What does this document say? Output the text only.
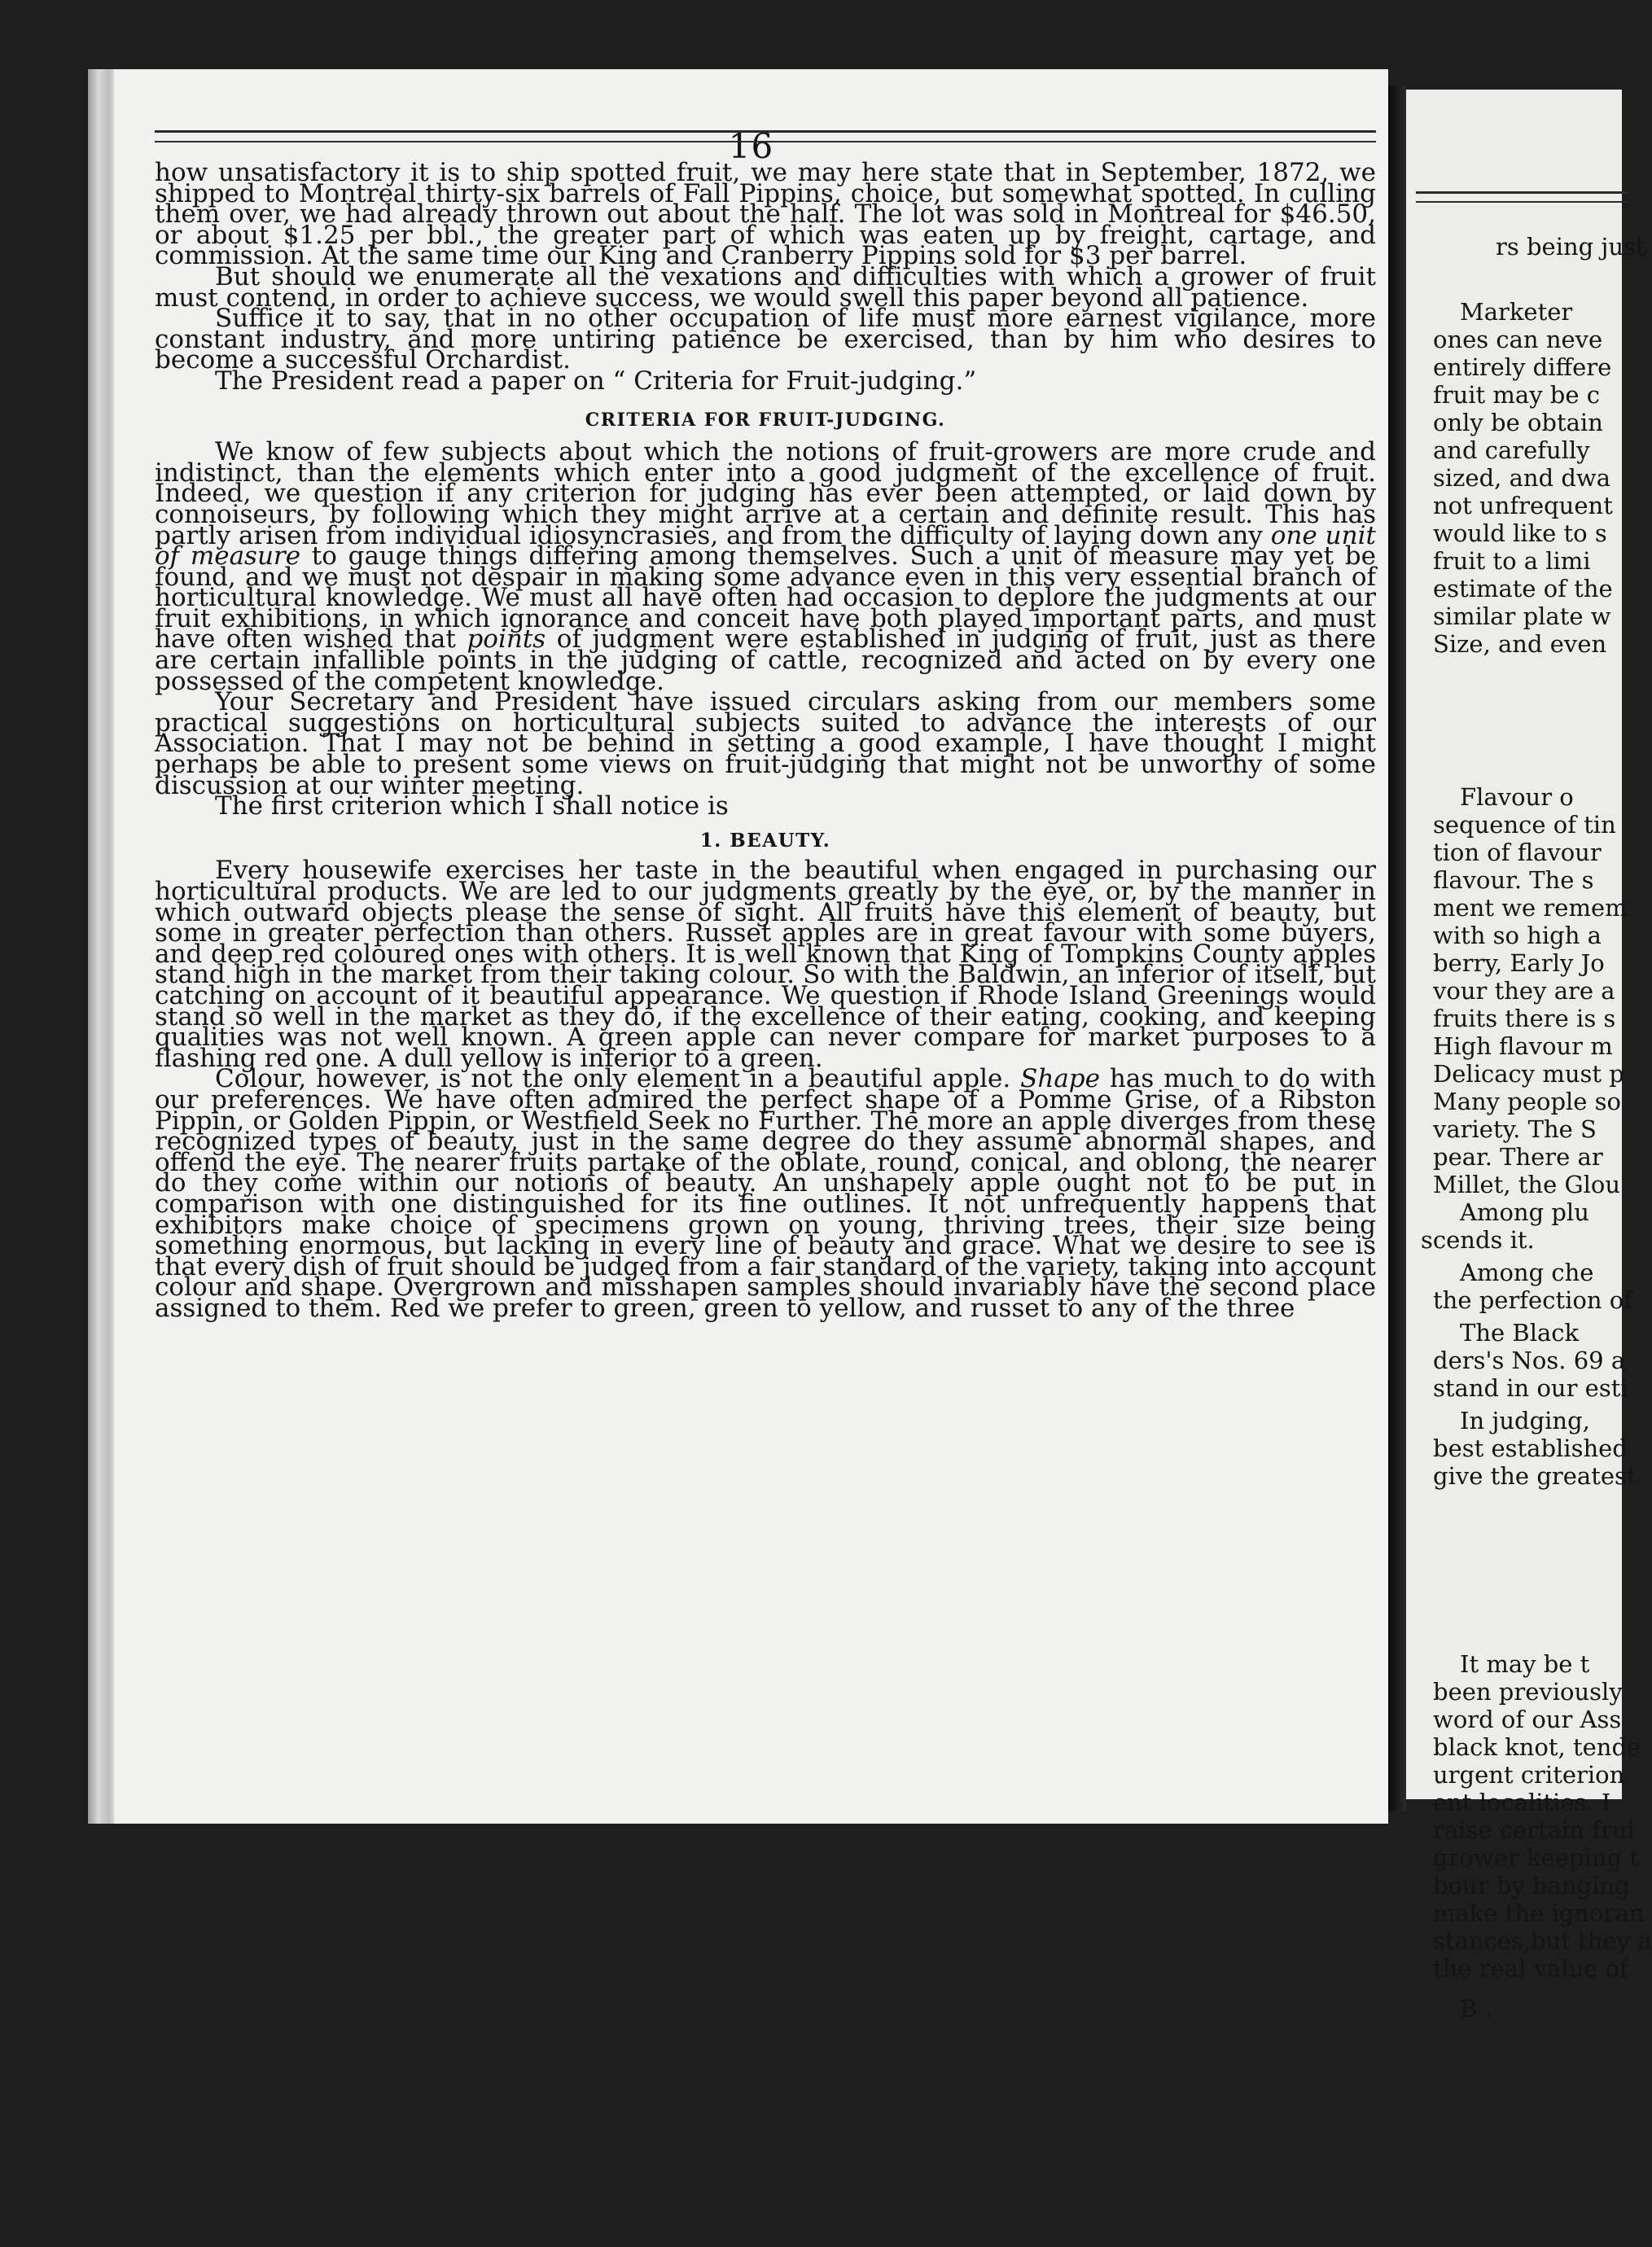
16

how unsatisfactory it is to ship spotted fruit, we may here state that in September, 1872, we shipped to Montreal thirty-six barrels of Fall Pippins, choice, but somewhat spotted. In culling them over, we had already thrown out about the half. The lot was sold in Montreal for $46.50, or about $1.25 per bbl., the greater part of which was eaten up by freight, cartage, and commission. At the same time our King and Cranberry Pippins sold for $3 per barrel.

But should we enumerate all the vexations and difficulties with which a grower of fruit must contend, in order to achieve success, we would swell this paper beyond all patience.

Suffice it to say, that in no other occupation of life must more earnest vigilance, more constant industry, and more untiring patience be exercised, than by him who desires to become a successful Orchardist.

The President read a paper on “ Criteria for Fruit-judging.”

CRITERIA FOR FRUIT-JUDGING.

We know of few subjects about which the notions of fruit-growers are more crude and indistinct, than the elements which enter into a good judgment of the excellence of fruit. Indeed, we question if any criterion for judging has ever been attempted, or laid down by connoiseurs, by following which they might arrive at a certain and definite result. This has partly arisen from individual idiosyncrasies, and from the difficulty of laying down any one unit of measure to gauge things differing among themselves. Such a unit of measure may yet be found, and we must not despair in making some advance even in this very essential branch of horticultural knowledge. We must all have often had occasion to deplore the judgments at our fruit exhibitions, in which ignorance and conceit have both played important parts, and must have often wished that points of judgment were established in judging of fruit, just as there are certain infallible points in the judging of cattle, recognized and acted on by every one possessed of the competent knowledge.

Your Secretary and President have issued circulars asking from our members some practical suggestions on horticultural subjects suited to advance the interests of our Association. That I may not be behind in setting a good example, I have thought I might perhaps be able to present some views on fruit-judging that might not be unworthy of some discussion at our winter meeting.

The first criterion which I shall notice is

1. BEAUTY.

Every housewife exercises her taste in the beautiful when engaged in purchasing our horticultural products. We are led to our judgments greatly by the eye, or, by the manner in which outward objects please the sense of sight. All fruits have this element of beauty, but some in greater perfection than others. Russet apples are in great favour with some buyers, and deep red coloured ones with others. It is well known that King of Tompkins County apples stand high in the market from their taking colour. So with the Baldwin, an inferior of itself, but catching on account of it beautiful appearance. We question if Rhode Island Greenings would stand so well in the market as they do, if the excellence of their eating, cooking, and keeping qualities was not well known. A green apple can never compare for market purposes to a flashing red one. A dull yellow is inferior to a green.

Colour, however, is not the only element in a beautiful apple. Shape has much to do with our preferences. We have often admired the perfect shape of a Pomme Grise, of a Ribston Pippin, or Golden Pippin, or Westfield Seek no Further. The more an apple diverges from these recognized types of beauty, just in the same degree do they assume abnormal shapes, and offend the eye. The nearer fruits partake of the oblate, round, conical, and oblong, the nearer do they come within our notions of beauty. An unshapely apple ought not to be put in comparison with one distinguished for its fine outlines. It not unfrequently happens that exhibitors make choice of specimens grown on young, thriving trees, their size being something enormous, but lacking in every line of beauty and grace. What we desire to see is that every dish of fruit should be judged from a fair standard of the variety, taking into account colour and shape. Overgrown and misshapen samples should invariably have the second place assigned to them. Red we prefer to green, green to yellow, and russet to any of the three

rs being just
Marketer
ones can neve
entirely differe
fruit may be c
only be obtain
and carefully
sized, and dwa
not unfrequent
would like to s
fruit to a limi
estimate of the
similar plate w
Size, and even
Flavour o
sequence of tin
tion of flavour
flavour. The s
ment we remem
with so high a
berry, Early Jo
vour they are a
fruits there is s
High flavour m
Delicacy must p
Many people so
variety. The S
pear. There ar
Millet, the Glou
Among plu
scends it.
Among che
the perfection of
The Black
ders's Nos. 69 a
stand in our esti
In judging,
best established
give the greatest
It may be t
been previously
word of our Ass
black knot, tende
urgent criterion
ent localities. I
raise certain frui
grower keeping t
bour by hanging
make the ignoran
stances,but they a
the real value of
B .
